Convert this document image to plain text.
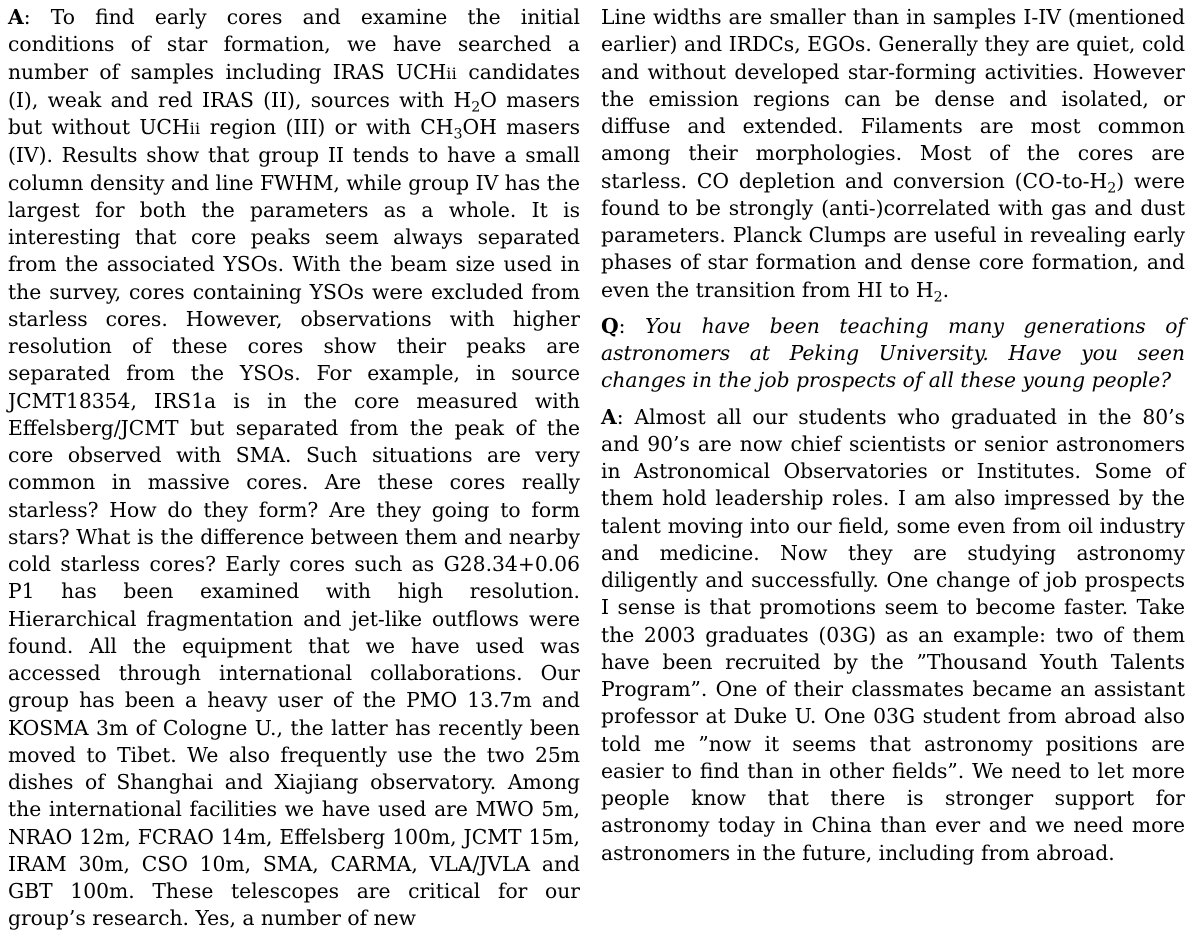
A: To find early cores and examine the initial conditions of star formation, we have searched a number of samples including IRAS UCHii candidates (I), weak and red IRAS (II), sources with $H_2O$ masers but without UCHii region (III) or with $CH_3OH$ masers (IV). Results show that group II tends to have a small column density and line FWHM, while group IV has the largest for both the parameters as a whole. It is interesting that core peaks seem always separated from the associated YSOs. With the beam size used in the survey, cores containing YSOs were excluded from starless cores. However, observations with higher resolution of these cores show their peaks are separated from the YSOs. For example, in source JCMT18354, IRS1a is in the core measured with Effelsberg/JCMT but separated from the peak of the core observed with SMA. Such situations are very common in massive cores. Are these cores really starless? How do they form? Are they going to form stars? What is the difference between them and nearby cold starless cores? Early cores such as G28.34+0.06 P1 has been examined with high resolution. Hierarchical fragmentation and jet-like outflows were found. All the equipment that we have used was accessed through international collaborations. Our group has been a heavy user of the PMO 13.7m and KOSMA 3m of Cologne U., the latter has recently been moved to Tibet. We also frequently use the two 25m dishes of Shanghai and Xiajiang observatory. Among the international facilities we have used are MWO 5m, NRAO 12m, FCRAO 14m, Effelsberg 100m, JCMT 15m, IRAM 30m, CSO 10m, SMA, CARMA, VLA/JVLA and GBT 100m. These telescopes are critical for our group’s research. Yes, a number of new

Line widths are smaller than in samples I-IV (mentioned earlier) and IRDCs, EGOs. Generally they are quiet, cold and without developed star-forming activities. However the emission regions can be dense and isolated, or diffuse and extended. Filaments are most common among their morphologies. Most of the cores are starless. CO depletion and conversion $(CO-to-H_2)$ were found to be strongly (anti-)correlated with gas and dust parameters. Planck Clumps are useful in revealing early phases of star formation and dense core formation, and even the transition from HI to $H_2$.

Q: You have been teaching many generations of astronomers at Peking University. Have you seen changes in the job prospects of all these young people?

A: Almost all our students who graduated in the 80’s and 90’s are now chief scientists or senior astronomers in Astronomical Observatories or Institutes. Some of them hold leadership roles. I am also impressed by the talent moving into our field, some even from oil industry and medicine. Now they are studying astronomy diligently and successfully. One change of job prospects I sense is that promotions seem to become faster. Take the 2003 graduates (03G) as an example: two of them have been recruited by the ”Thousand Youth Talents Program”. One of their classmates became an assistant professor at Duke U. One 03G student from abroad also told me ”now it seems that astronomy positions are easier to find than in other fields”. We need to let more people know that there is stronger support for astronomy today in China than ever and we need more astronomers in the future, including from abroad.
